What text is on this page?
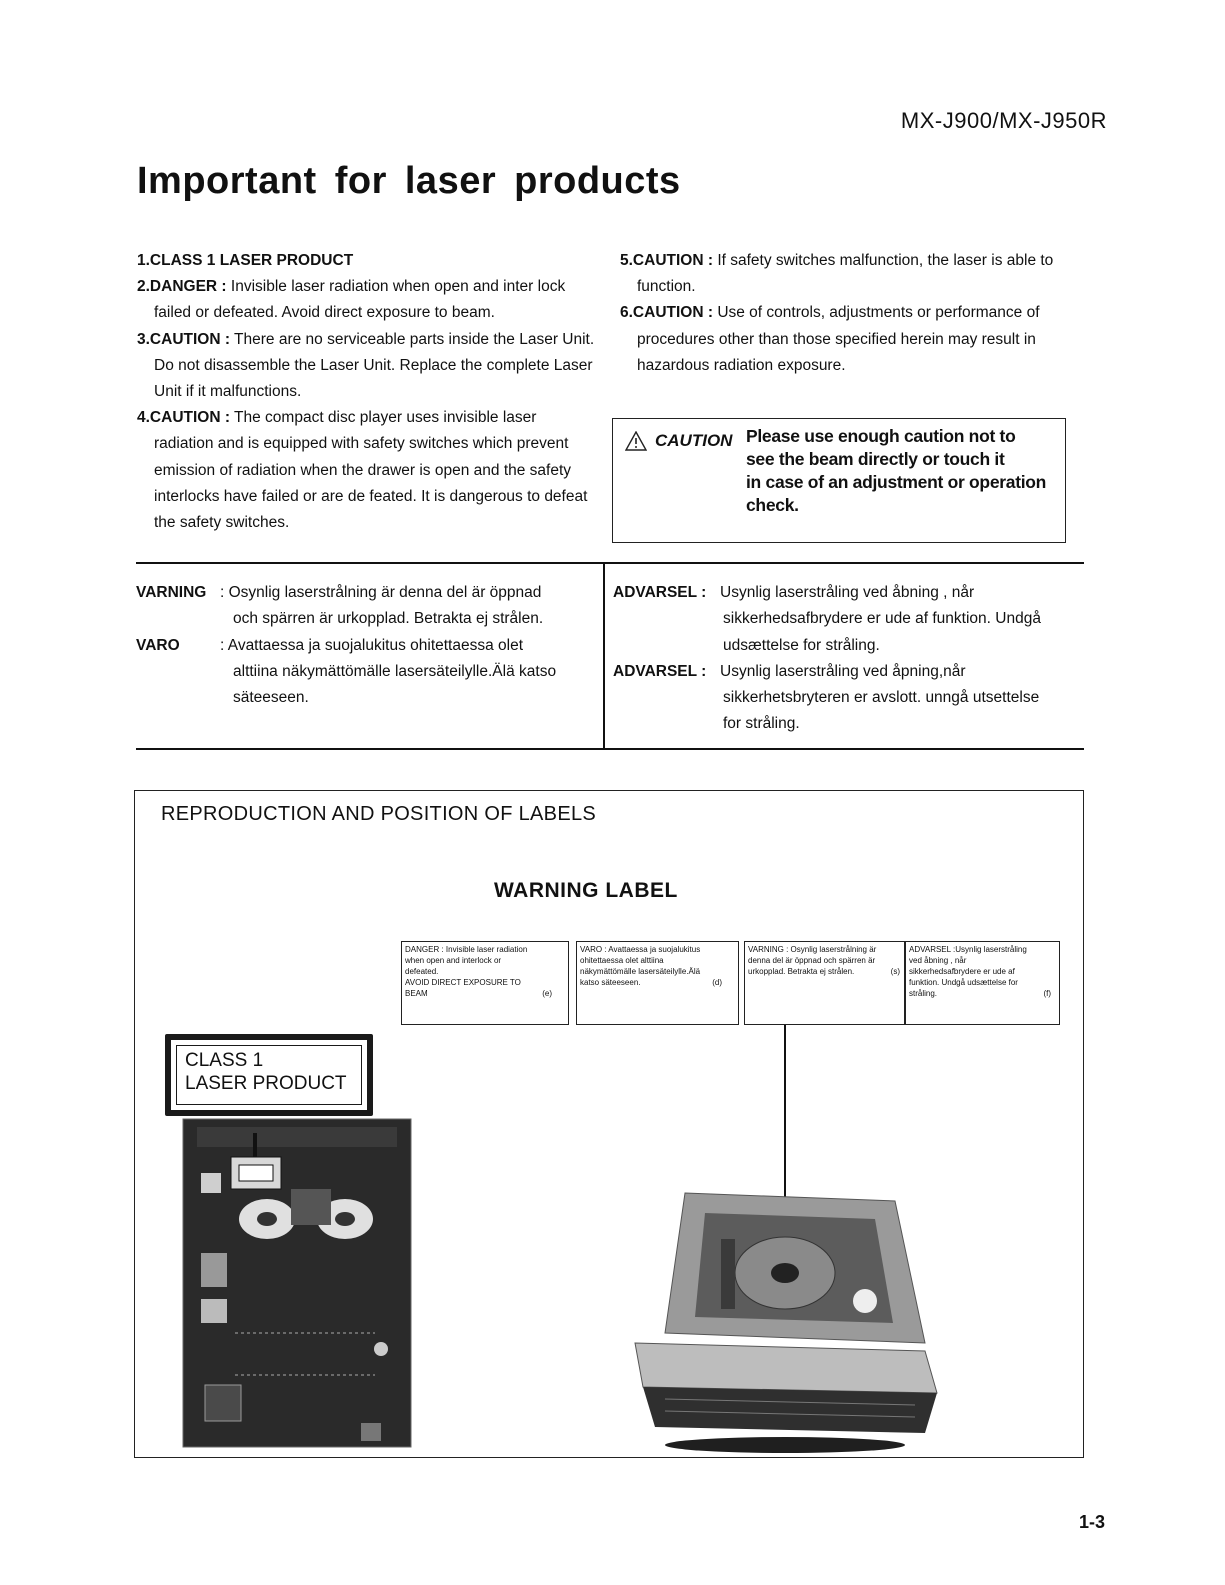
MX-J900/MX-J950R
Important for laser products
1.CLASS 1 LASER PRODUCT
2.DANGER : Invisible laser radiation when open and inter lock failed or defeated. Avoid direct exposure to beam.
3.CAUTION : There are no serviceable parts inside the Laser Unit. Do not disassemble the Laser Unit. Replace the complete Laser Unit if it malfunctions.
4.CAUTION : The compact disc player uses invisible laser radiation and is equipped with safety switches which prevent emission of radiation when the drawer is open and the safety interlocks have failed or are de feated. It is dangerous to defeat the safety switches.
5.CAUTION : If safety switches malfunction, the laser is able to function.
6.CAUTION : Use of controls, adjustments or performance of procedures other than those specified herein may result in hazardous radiation exposure.
CAUTION Please use enough caution not to
see the beam directly or touch it
in case of an adjustment or operation
check.
VARNING : Osynlig laserstrålning är denna del är öppnad
och spärren är urkopplad. Betrakta ej strålen.
VARO	: Avattaessa ja suojalukitus ohitettaessa olet
alttiina näkymättömälle lasersäteilylle.Älä katso
säteeseen.
ADVARSEL : Usynlig laserstråling ved åbning , når
sikkerhedsafbrydere er ude af funktion. Undgå
udsættelse for stråling.
ADVARSEL : Usynlig laserstråling ved åpning,når
sikkerhetsbryteren er avslott. unngå utsettelse
for stråling.
REPRODUCTION AND POSITION OF LABELS
WARNING LABEL
DANGER : Invisible laser radiation
when open and interlock or
defeated.
AVOID DIRECT EXPOSURE TO
BEAM	(e)
VARO : Avattaessa ja suojalukitus
ohitettaessa olet alttiina
näkymättömälle lasersäteilylle.Älä
katso säteeseen.	(d)
VARNING : Osynlig laserstrålning är
denna del är öppnad och spärren är
urkopplad. Betrakta ej strålen.	(s)
ADVARSEL :Usynlig laserstråling
ved åbning , når
sikkerhedsafbrydere er ude af
funktion. Undgå udsættelse for
stråling.	(f)
CLASS 1
LASER PRODUCT
1-3
